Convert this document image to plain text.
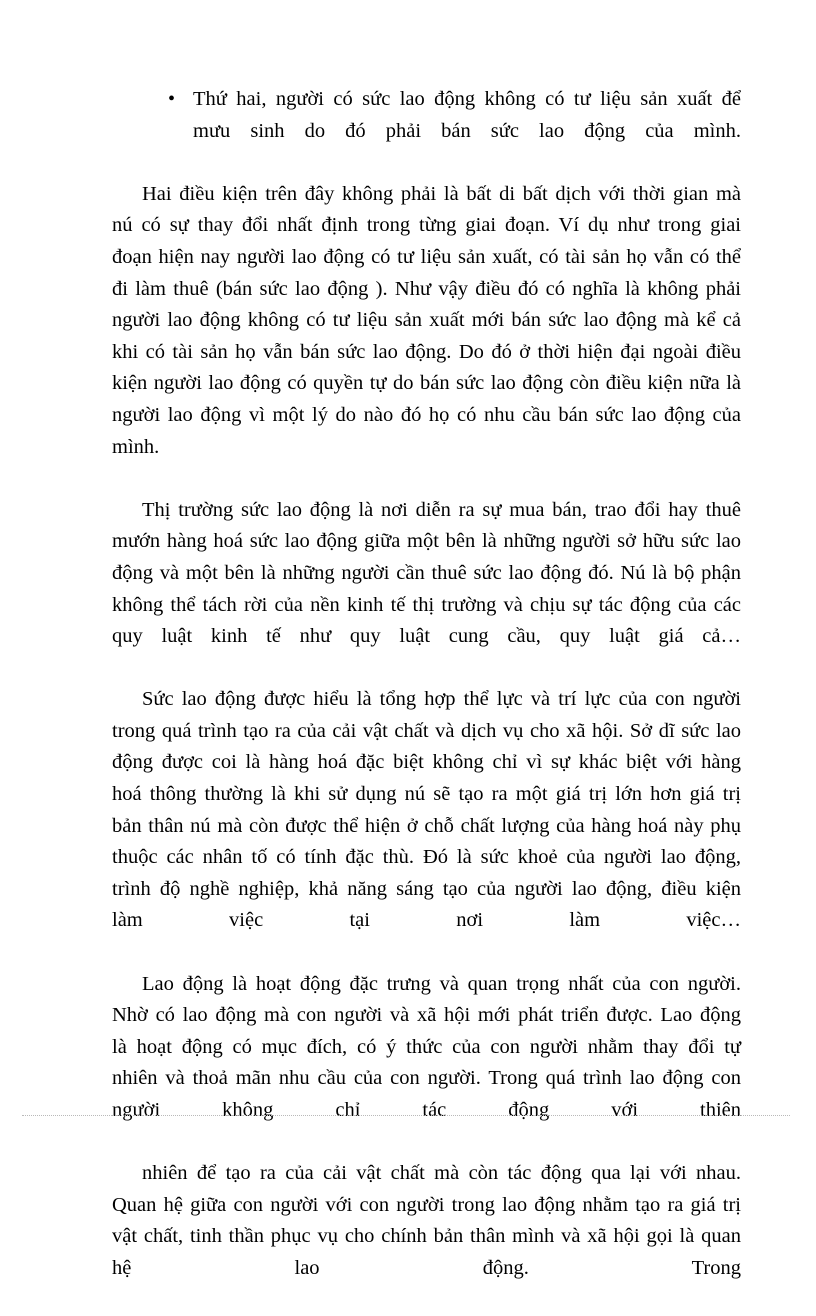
• Thứ hai, người có sức lao động không có tư liệu sản xuất để mưu sinh do đó phải bán sức lao động của mình.

Hai điều kiện trên đây không phải là bất di bất dịch với thời gian mà nú có sự thay đổi nhất định trong từng giai đoạn. Ví dụ như trong giai đoạn hiện nay người lao động có tư liệu sản xuất, có tài sản họ vẫn có thể đi làm thuê (bán sức lao động ). Như vậy điều đó có nghĩa là không phải người lao động không có tư liệu sản xuất mới bán sức lao động mà kể cả khi có tài sản họ vẫn bán sức lao động. Do đó ở thời hiện đại ngoài điều kiện người lao động có quyền tự do bán sức lao động còn điều kiện nữa là người lao động vì một lý do nào đó họ có nhu cầu bán sức lao động của mình.

Thị trường sức lao động là nơi diễn ra sự mua bán, trao đổi hay thuê mướn hàng hoá sức lao động giữa một bên là những người sở hữu sức lao động và một bên là những người cần thuê sức lao động đó. Nú là bộ phận không thể tách rời của nền kinh tế thị trường và chịu sự tác động của các quy luật kinh tế như quy luật cung cầu, quy luật giá cả…

Sức lao động được hiểu là tổng hợp thể lực và trí lực của con người trong quá trình tạo ra của cải vật chất và dịch vụ cho xã hội. Sở dĩ sức lao động được coi là hàng hoá đặc biệt không chỉ vì sự khác biệt với hàng hoá thông thường là khi sử dụng nú sẽ tạo ra một giá trị lớn hơn giá trị bản thân nú mà còn được thể hiện ở chỗ chất lượng của hàng hoá này phụ thuộc các nhân tố có tính đặc thù. Đó là sức khoẻ của người lao động, trình độ nghề nghiệp, khả năng sáng tạo của người lao động, điều kiện làm việc tại nơi làm việc…

Lao động là hoạt động đặc trưng và quan trọng nhất của con người. Nhờ có lao động mà con người và xã hội mới phát triển được. Lao động là hoạt động có mục đích, có ý thức của con người nhằm thay đổi tự nhiên và thoả mãn nhu cầu của con người. Trong quá trình lao động con người không chỉ tác động với thiên

nhiên để tạo ra của cải vật chất mà còn tác động qua lại với nhau. Quan hệ giữa con người với con người trong lao động nhằm tạo ra giá trị vật chất, tinh thần phục vụ cho chính bản thân mình và xã hội gọi là quan hệ lao động. Trong
